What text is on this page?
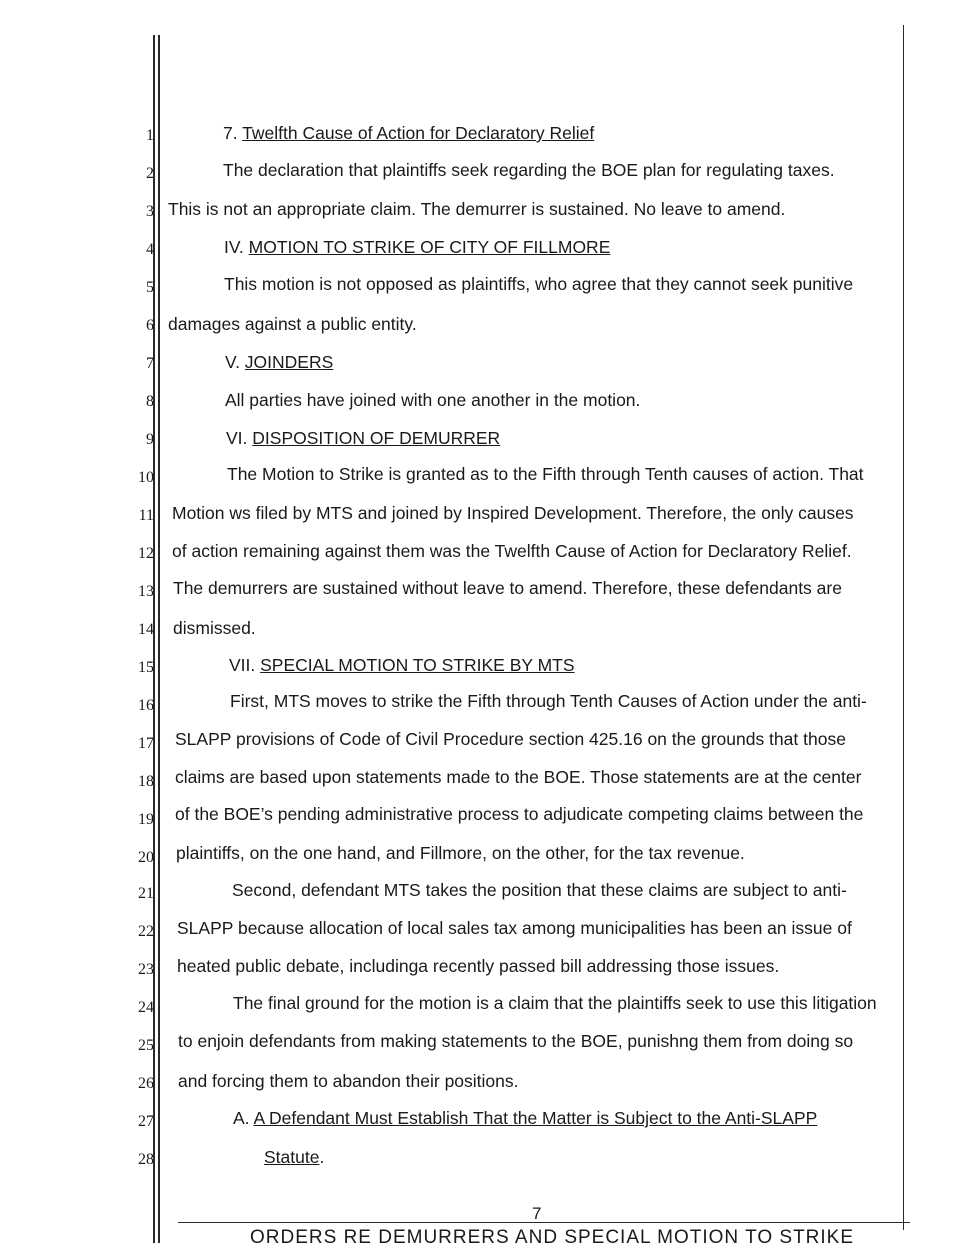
1
2
3
4
5
6
7
8
9
10
11
12
13
14
15
16
17
18
19
20
21
22
23
24
25
26
27
28
7. Twelfth Cause of Action for Declaratory Relief
The declaration that plaintiffs seek regarding the BOE plan for regulating taxes.
This is not an appropriate claim. The demurrer is sustained. No leave to amend.
IV. MOTION TO STRIKE OF CITY OF FILLMORE
This motion is not opposed as plaintiffs, who agree that they cannot seek punitive
damages against a public entity.
V. JOINDERS
All parties have joined with one another in the motion.
VI. DISPOSITION OF DEMURRER
The Motion to Strike is granted as to the Fifth through Tenth causes of action. That
Motion ws filed by MTS and joined by Inspired Development. Therefore, the only causes
of action remaining against them was the Twelfth Cause of Action for Declaratory Relief.
The demurrers are sustained without leave to amend. Therefore, these defendants are
dismissed.
VII. SPECIAL MOTION TO STRIKE BY MTS
First, MTS moves to strike the Fifth through Tenth Causes of Action under the anti-
SLAPP provisions of Code of Civil Procedure section 425.16 on the grounds that those
claims are based upon statements made to the BOE. Those statements are at the center
of the BOE’s pending administrative process to adjudicate competing claims between the
plaintiffs, on the one hand, and Fillmore, on the other, for the tax revenue.
Second, defendant MTS takes the position that these claims are subject to anti-
SLAPP because allocation of local sales tax among municipalities has been an issue of
heated public debate, includinga recently passed bill addressing those issues.
The final ground for the motion is a claim that the plaintiffs seek to use this litigation
to enjoin defendants from making statements to the BOE, punishng them from doing so
and forcing them to abandon their positions.
A. A Defendant Must Establish That the Matter is Subject to the Anti-SLAPP
Statute.
7
ORDERS RE DEMURRERS AND SPECIAL MOTION TO STRIKE
